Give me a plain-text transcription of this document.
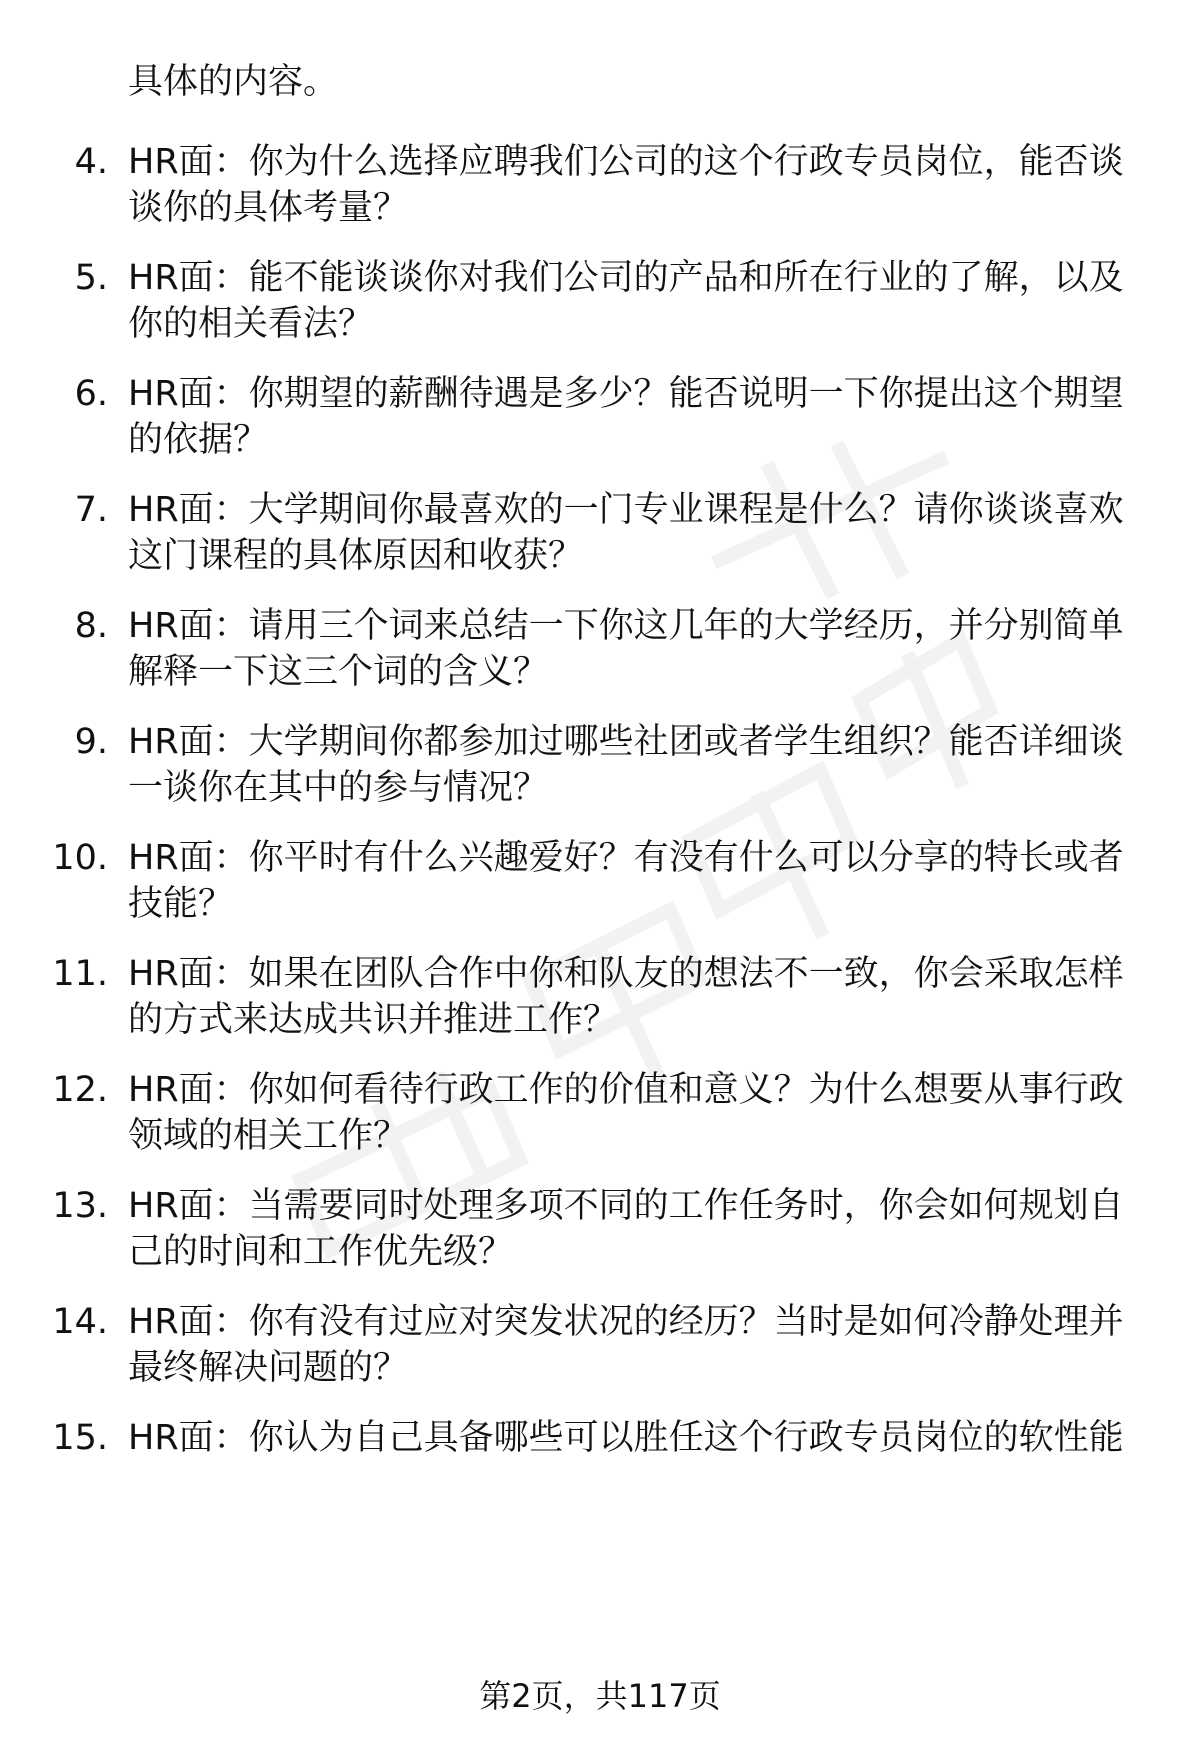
具体的内容。
4. HR面：你为什么选择应聘我们公司的这个行政专员岗位，能否谈
谈你的具体考量？
5. HR面：能不能谈谈你对我们公司的产品和所在行业的了解，以及
你的相关看法？
6. HR面：你期望的薪酬待遇是多少？能否说明一下你提出这个期望
的依据？
7. HR面：大学期间你最喜欢的一门专业课程是什么？请你谈谈喜欢
这门课程的具体原因和收获？
8. HR面：请用三个词来总结一下你这几年的大学经历，并分别简单
解释一下这三个词的含义？
9. HR面：大学期间你都参加过哪些社团或者学生组织？能否详细谈
一谈你在其中的参与情况？
10. HR面：你平时有什么兴趣爱好？有没有什么可以分享的特长或者
技能？
11. HR面：如果在团队合作中你和队友的想法不一致，你会采取怎样
的方式来达成共识并推进工作？
12. HR面：你如何看待行政工作的价值和意义？为什么想要从事行政
领域的相关工作？
13. HR面：当需要同时处理多项不同的工作任务时，你会如何规划自
己的时间和工作优先级？
14. HR面：你有没有过应对突发状况的经历？当时是如何冷静处理并
最终解决问题的？
15. HR面：你认为自己具备哪些可以胜任这个行政专员岗位的软性能
第2页，共117页
